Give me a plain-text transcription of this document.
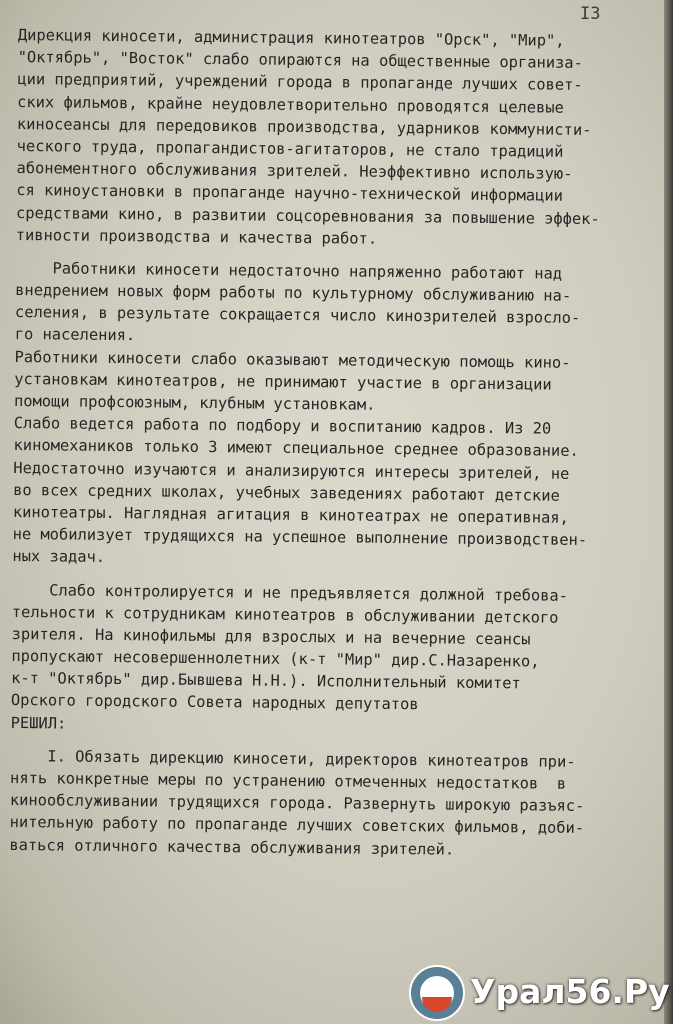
I3
Дирекция киносети, администрация кинотеатров "Орск", "Мир",
"Октябрь", "Восток" слабо опираются на общественные организа-
ции предприятий, учреждений города в пропаганде лучших совет-
ских фильмов, крайне неудовлетворительно проводятся целевые
киносеансы для передовиков производства, ударников коммунисти-
ческого труда, пропагандистов-агитаторов, не стало традиций
абонементного обслуживания зрителей. Неэффективно использую-
ся киноустановки в пропаганде научно-технической информации
средствами кино, в развитии соцсоревнования за повышение эффек-
тивности производства и качества работ.
Работники киносети недостаточно напряженно работают над
внедрением новых форм работы по культурному обслуживанию на-
селения, в результате сокращается число кинозрителей взросло-
го населения.
Работники киносети слабо оказывают методическую помощь кино-
установкам кинотеатров, не принимают участие в организации
помощи профсоюзным, клубным установкам.
Слабо ведется работа по подбору и воспитанию кадров. Из 20
киномехаников только 3 имеют специальное среднее образование.
Недостаточно изучаются и анализируются интересы зрителей, не
во всех средних школах, учебных заведениях работают детские
кинотеатры. Наглядная агитация в кинотеатрах не оперативная,
не мобилизует трудящихся на успешное выполнение производствен-
ных задач.
Слабо контролируется и не предъявляется должной требова-
тельности к сотрудникам кинотеатров в обслуживании детского
зрителя. На кинофильмы для взрослых и на вечерние сеансы
пропускают несовершеннолетних (к-т "Мир" дир.С.Назаренко,
к-т "Октябрь" дир.Бывшева Н.Н.). Исполнительный комитет
Орского городского Совета народных депутатов
РЕШИЛ:
I. Обязать дирекцию киносети, директоров кинотеатров при-
нять конкретные меры по устранению отмеченных недостатков  в
кинообслуживании трудящихся города. Развернуть широкую разъяс-
нительную работу по пропаганде лучших советских фильмов, доби-
ваться отличного качества обслуживания зрителей.
Урал56.Ру
